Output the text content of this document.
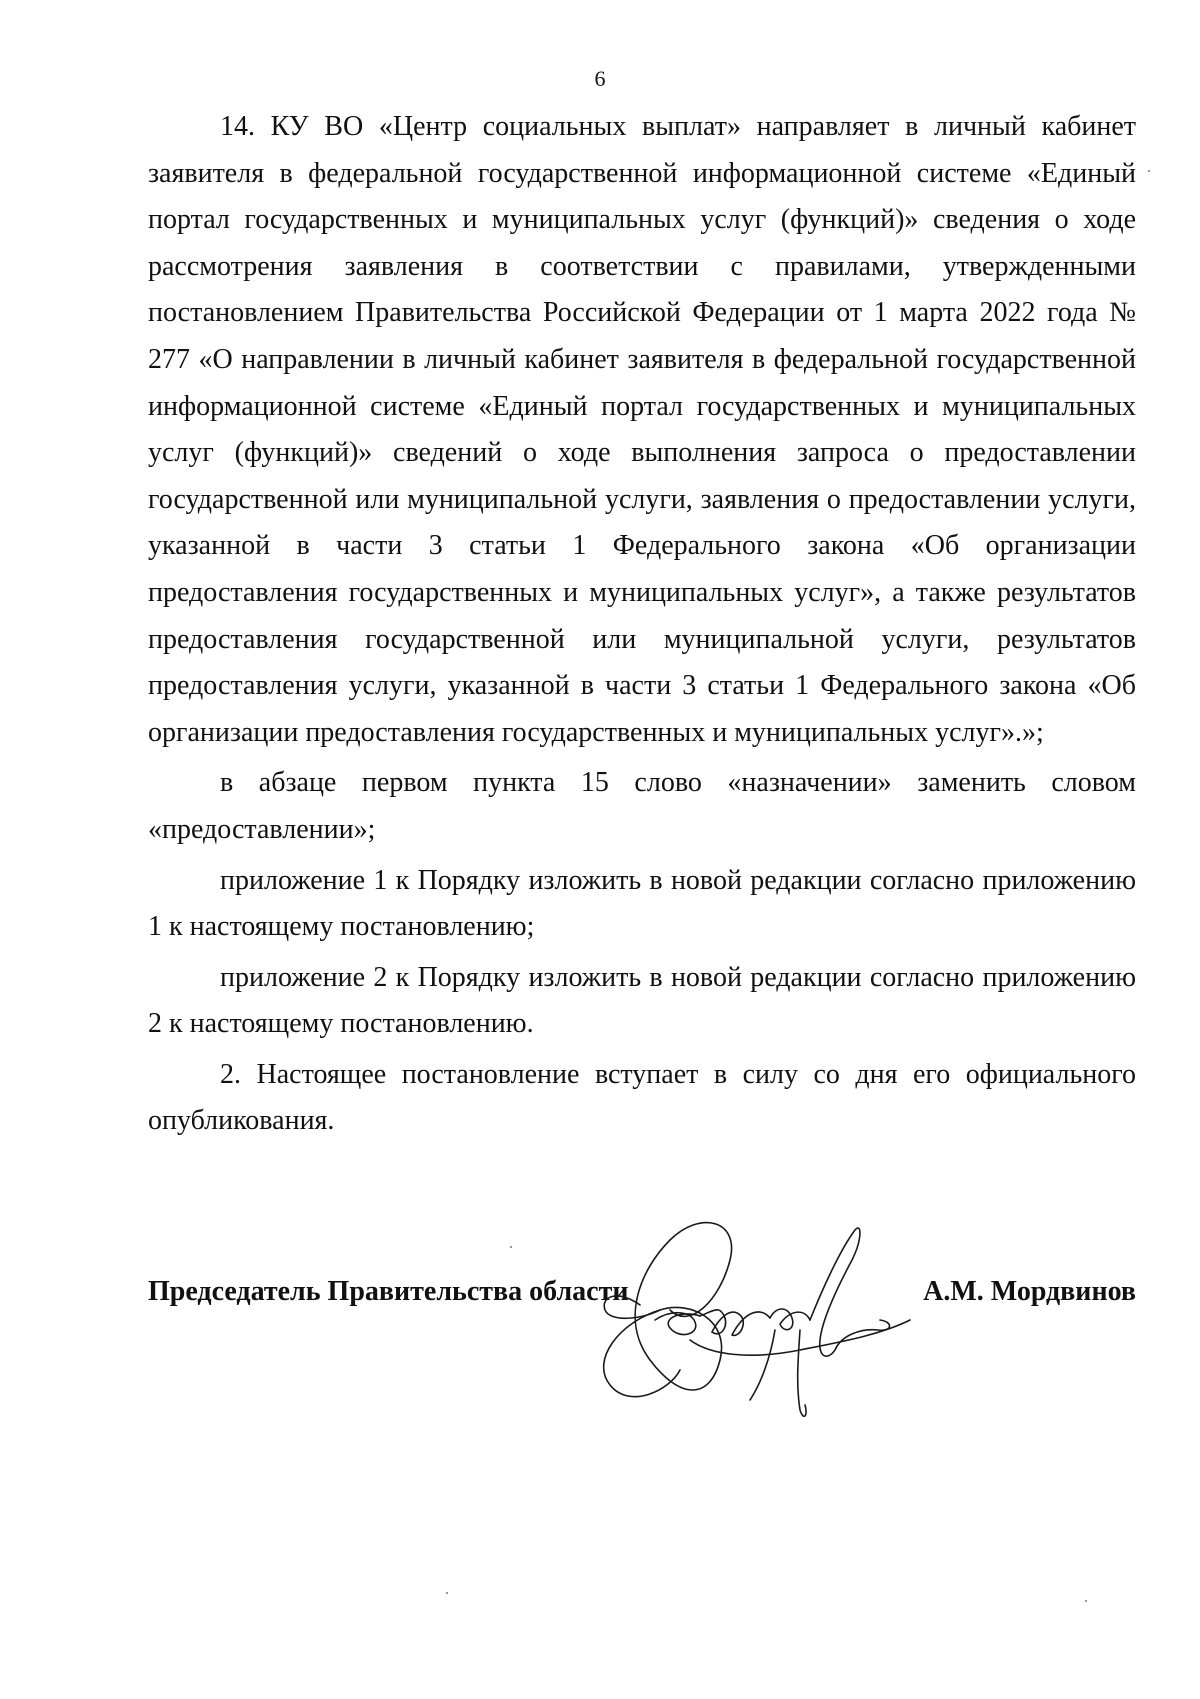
6

14. КУ ВО «Центр социальных выплат» направляет в личный кабинет заявителя в федеральной государственной информационной системе «Единый портал государственных и муниципальных услуг (функций)» сведения о ходе рассмотрения заявления в соответствии с правилами, утвержденными постановлением Правительства Российской Федерации от 1 марта 2022 года № 277 «О направлении в личный кабинет заявителя в федеральной государственной информационной системе «Единый портал государственных и муниципальных услуг (функций)» сведений о ходе выполнения запроса о предоставлении государственной или муниципальной услуги, заявления о предоставлении услуги, указанной в части 3 статьи 1 Федерального закона «Об организации предоставления государственных и муниципальных услуг», а также результатов предоставления государственной или муниципальной услуги, результатов предоставления услуги, указанной в части 3 статьи 1 Федерального закона «Об организации предоставления государственных и муниципальных услуг».»;

в абзаце первом пункта 15 слово «назначении» заменить словом «предоставлении»;

приложение 1 к Порядку изложить в новой редакции согласно приложению 1 к настоящему постановлению;

приложение 2 к Порядку изложить в новой редакции согласно приложению 2 к настоящему постановлению.

2. Настоящее постановление вступает в силу со дня его официального опубликования.

Председатель Правительства области	А.М. Мордвинов
